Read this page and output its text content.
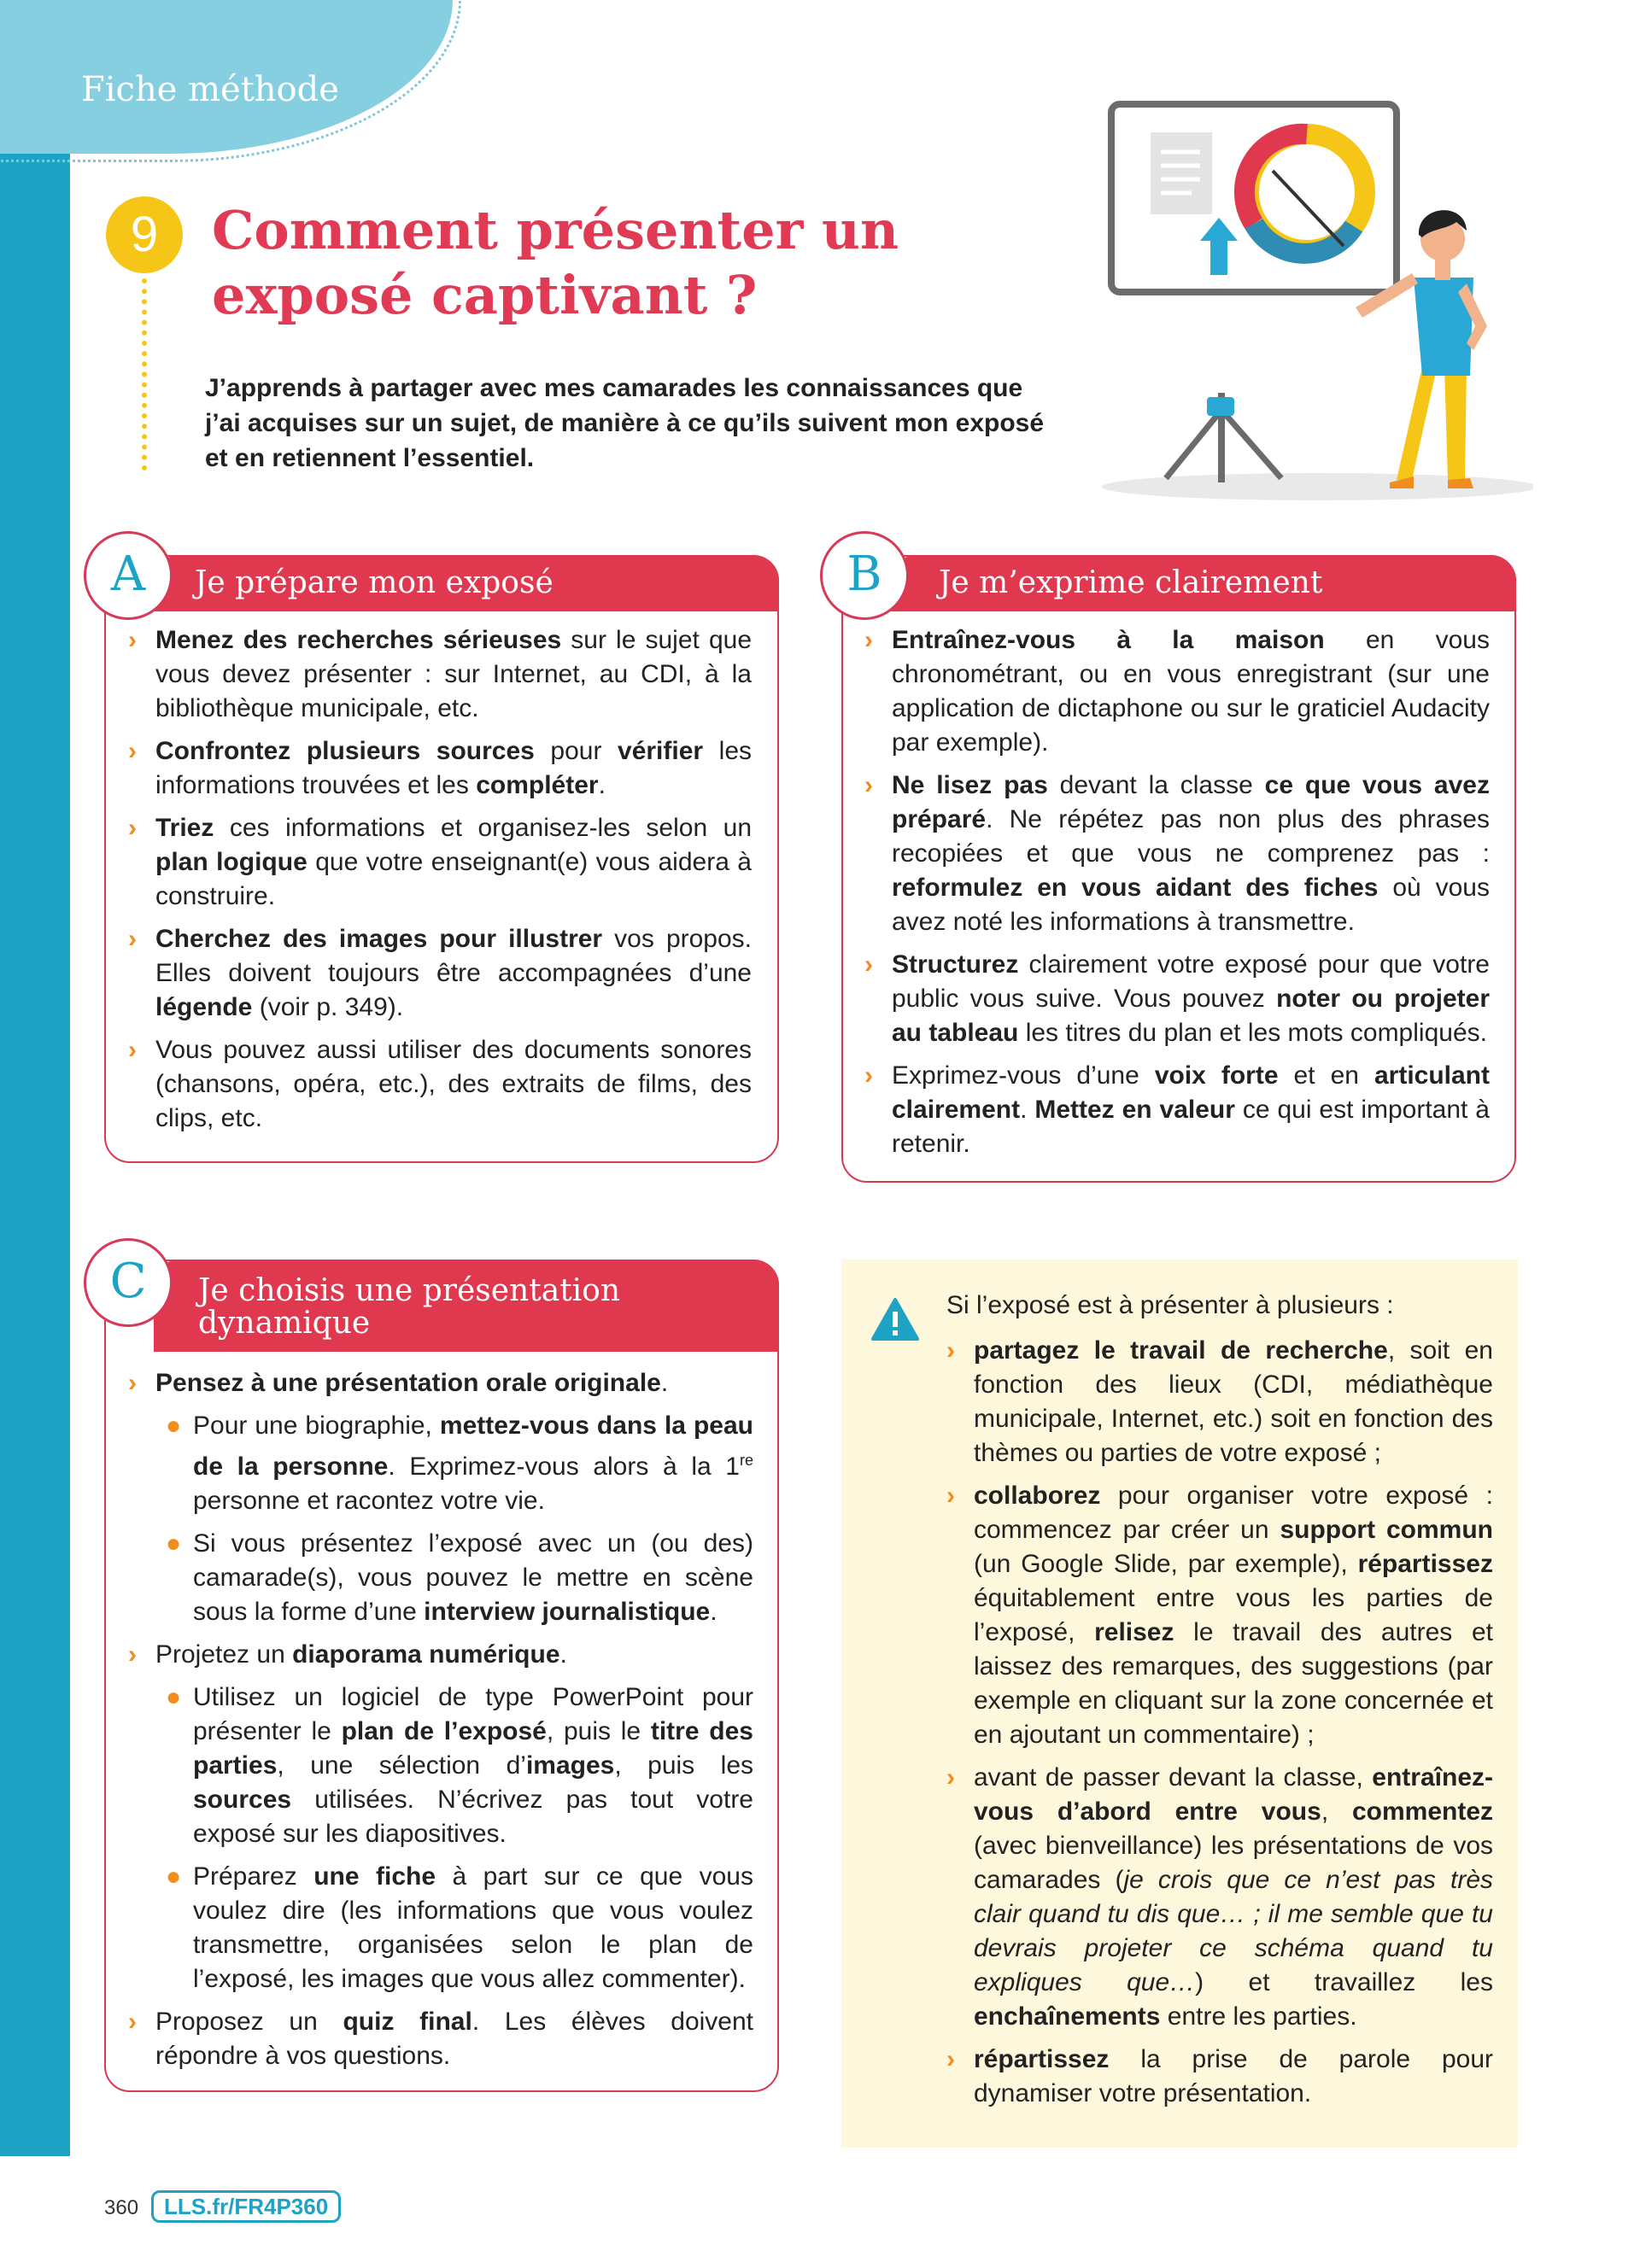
Fiche méthode
9	Comment présenter un exposé captivant ?

J’apprends à partager avec mes camarades les connaissances que j’ai acquises sur un sujet, de manière à ce qu’ils suivent mon exposé et en retiennent l’essentiel.

Je prépare mon exposé
A
› Menez des recherches sérieuses sur le sujet que vous devez présenter : sur Internet, au CDI, à la bibliothèque municipale, etc.
› Confrontez plusieurs sources pour vérifier les informations trouvées et les compléter.
› Triez ces informations et organisez-les selon un plan logique que votre enseignant(e) vous aidera à construire.
› Cherchez des images pour illustrer vos propos. Elles doivent toujours être accompagnées d’une légende (voir p. 349).
› Vous pouvez aussi utiliser des documents sonores (chansons, opéra, etc.), des extraits de films, des clips, etc.
Je m’exprime clairement
B
› Entraînez-vous à la maison en vous chronométrant, ou en vous enregistrant (sur une application de dictaphone ou sur le graticiel Audacity par exemple).
› Ne lisez pas devant la classe ce que vous avez préparé. Ne répétez pas non plus des phrases recopiées et que vous ne comprenez pas : reformulez en vous aidant des fiches où vous avez noté les informations à transmettre.
› Structurez clairement votre exposé pour que votre public vous suive. Vous pouvez noter ou projeter au tableau les titres du plan et les mots compliqués.
› Exprimez-vous d’une voix forte et en articulant clairement. Mettez en valeur ce qui est important à retenir.
Je choisis une présentation
dynamique
C
› Pensez à une présentation orale originale.
● Pour une biographie, mettez-vous dans la peau de la personne. Exprimez-vous alors à la 1re personne et racontez votre vie.
● Si vous présentez l’exposé avec un (ou des) camarade(s), vous pouvez le mettre en scène sous la forme d’une interview journalistique.
› Projetez un diaporama numérique.
● Utilisez un logiciel de type PowerPoint pour présenter le plan de l’exposé, puis le titre des parties, une sélection d’images, puis les sources utilisées. N’écrivez pas tout votre exposé sur les diapositives.
● Préparez une fiche à part sur ce que vous voulez dire (les informations que vous voulez transmettre, organisées selon le plan de l’exposé, les images que vous allez commenter).
› Proposez un quiz final. Les élèves doivent répondre à vos questions.
Si l’exposé est à présenter à plusieurs :
› partagez le travail de recherche, soit en fonction des lieux (CDI, médiathèque municipale, Internet, etc.) soit en fonction des thèmes ou parties de votre exposé ;
› collaborez pour organiser votre exposé : commencez par créer un support commun (un Google Slide, par exemple), répartissez équitablement entre vous les parties de l’exposé, relisez le travail des autres et laissez des remarques, des suggestions (par exemple en cliquant sur la zone concernée et en ajoutant un commentaire) ;
› avant de passer devant la classe, entraînez-vous d’abord entre vous, commentez (avec bienveillance) les présentations de vos camarades (je crois que ce n’est pas très clair quand tu dis que… ; il me semble que tu devrais projeter ce schéma quand tu expliques que…) et travaillez les enchaînements entre les parties.
› répartissez la prise de parole pour dynamiser votre présentation.
360	LLS.fr/FR4P360
